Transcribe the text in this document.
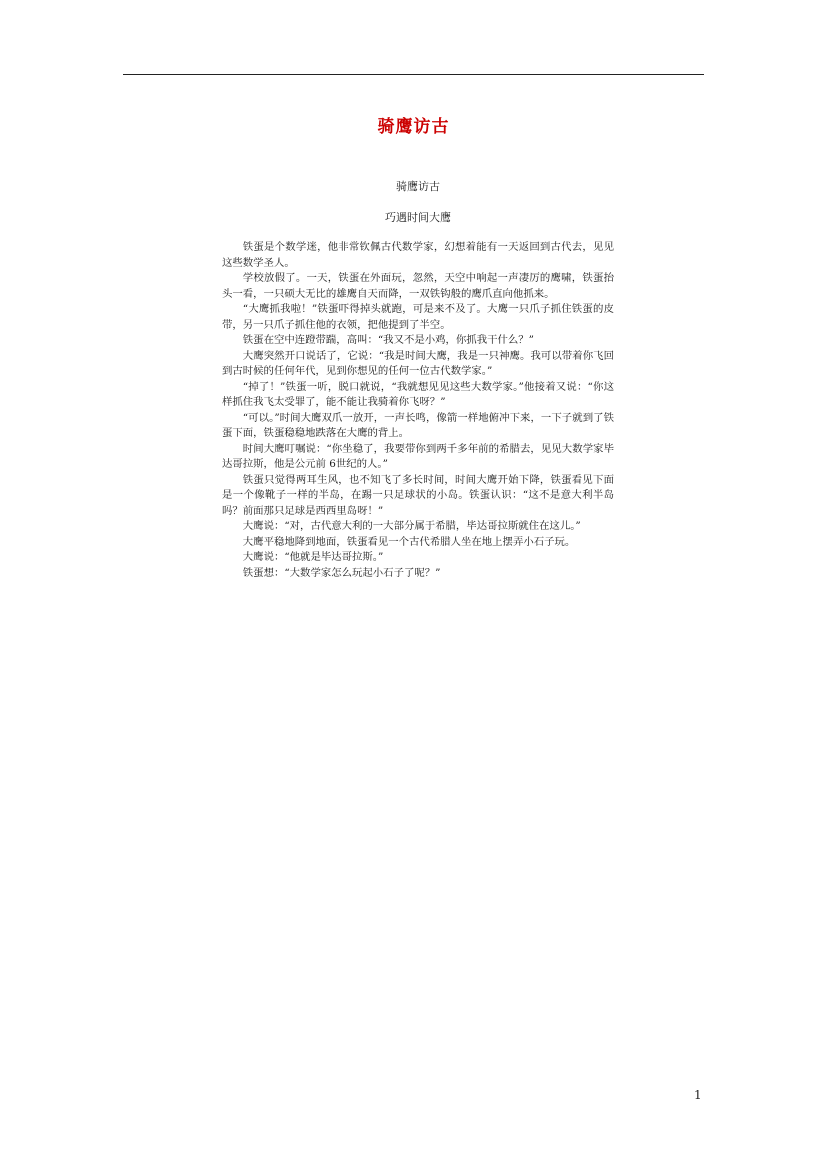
骑鹰访古
骑鹰访古
巧遇时间大鹰

铁蛋是个数学迷，他非常钦佩古代数学家，幻想着能有一天返回到古代去，见见这些数学圣人。

学校放假了。一天，铁蛋在外面玩，忽然，天空中响起一声凄厉的鹰啸，铁蛋抬头一看，一只硕大无比的雄鹰自天而降，一双铁钩般的鹰爪直向他抓来。

“大鹰抓我啦！”铁蛋吓得掉头就跑，可是来不及了。大鹰一只爪子抓住铁蛋的皮带，另一只爪子抓住他的衣领，把他提到了半空。

铁蛋在空中连蹬带踹，高叫：“我又不是小鸡，你抓我干什么？”

大鹰突然开口说话了，它说：“我是时间大鹰，我是一只神鹰。我可以带着你飞回到古时候的任何年代，见到你想见的任何一位古代数学家。”

“掉了！”铁蛋一听，脱口就说，“我就想见见这些大数学家。”他接着又说：“你这样抓住我飞太受罪了，能不能让我骑着你飞呀？”

“可以。”时间大鹰双爪一放开，一声长鸣，像箭一样地俯冲下来，一下子就到了铁蛋下面，铁蛋稳稳地跌落在大鹰的背上。

时间大鹰叮嘱说：“你坐稳了，我要带你到两千多年前的希腊去，见见大数学家毕达哥拉斯，他是公元前 6世纪的人。”

铁蛋只觉得两耳生风，也不知飞了多长时间，时间大鹰开始下降，铁蛋看见下面是一个像靴子一样的半岛，在踢一只足球状的小岛。铁蛋认识：“这不是意大利半岛吗？前面那只足球是西西里岛呀！”

大鹰说：“对，古代意大利的一大部分属于希腊，毕达哥拉斯就住在这儿。”

大鹰平稳地降到地面，铁蛋看见一个古代希腊人坐在地上摆弄小石子玩。

大鹰说：“他就是毕达哥拉斯。”

铁蛋想：“大数学家怎么玩起小石子了呢？”

1
